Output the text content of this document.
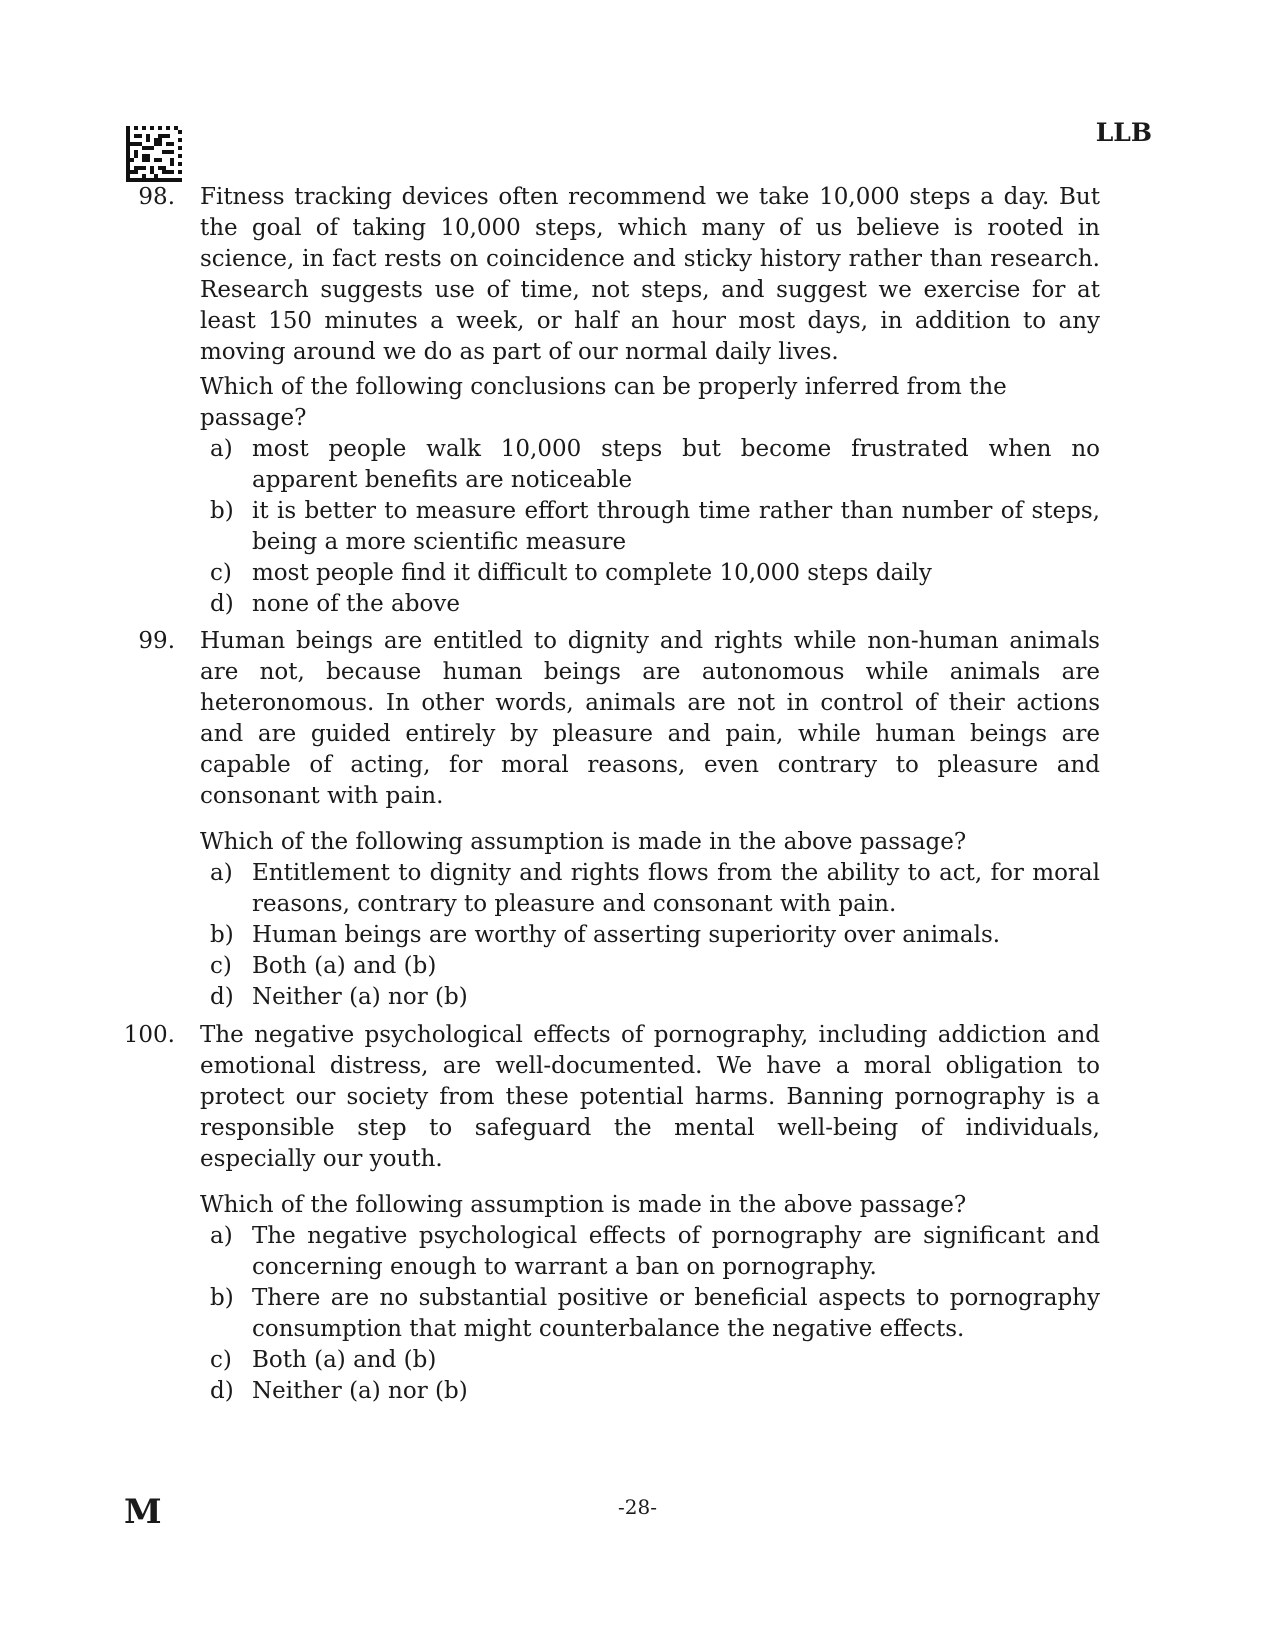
LLB
98. Fitness tracking devices often recommend we take 10,000 steps a day. But the goal of taking 10,000 steps, which many of us believe is rooted in science, in fact rests on coincidence and sticky history rather than research. Research suggests use of time, not steps, and suggest we exercise for at least 150 minutes a week, or half an hour most days, in addition to any moving around we do as part of our normal daily lives.

Which of the following conclusions can be properly inferred from the passage?

a) most people walk 10,000 steps but become frustrated when no apparent benefits are noticeable
b) it is better to measure effort through time rather than number of steps, being a more scientific measure
c) most people find it difficult to complete 10,000 steps daily
d) none of the above
99. Human beings are entitled to dignity and rights while non-human animals are not, because human beings are autonomous while animals are heteronomous. In other words, animals are not in control of their actions and are guided entirely by pleasure and pain, while human beings are capable of acting, for moral reasons, even contrary to pleasure and consonant with pain.

Which of the following assumption is made in the above passage?

a) Entitlement to dignity and rights flows from the ability to act, for moral reasons, contrary to pleasure and consonant with pain.
b) Human beings are worthy of asserting superiority over animals.
c) Both (a) and (b)
d) Neither (a) nor (b)
100. The negative psychological effects of pornography, including addiction and emotional distress, are well-documented. We have a moral obligation to protect our society from these potential harms. Banning pornography is a responsible step to safeguard the mental well-being of individuals, especially our youth.

Which of the following assumption is made in the above passage?

a) The negative psychological effects of pornography are significant and concerning enough to warrant a ban on pornography.
b) There are no substantial positive or beneficial aspects to pornography consumption that might counterbalance the negative effects.
c) Both (a) and (b)
d) Neither (a) nor (b)
M	-28-
